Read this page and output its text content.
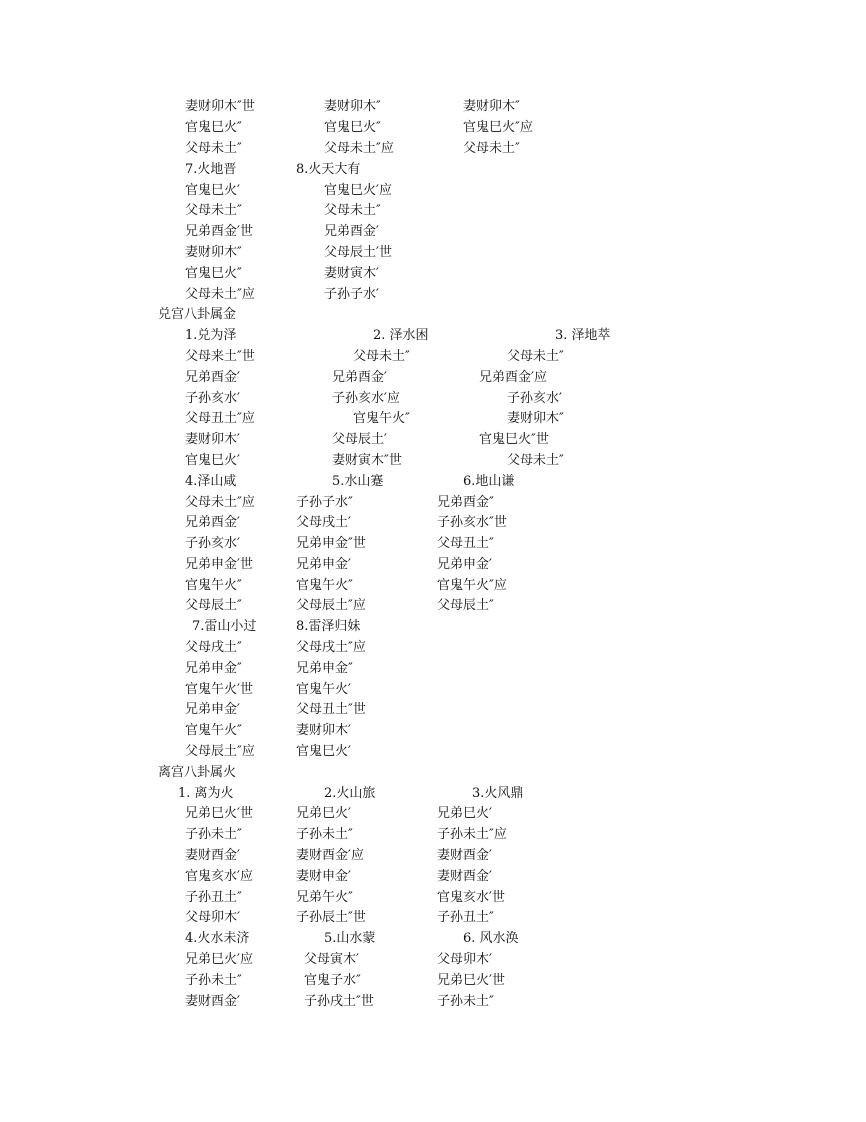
妻财卯木″世	妻财卯木″	妻财卯木″
官鬼巳火″	官鬼巳火″	官鬼巳火″应
父母未土″	父母未土″应	父母未土″
7.火地晋	8.火天大有
官鬼巳火′	官鬼巳火′应
父母未土″	父母未土″
兄弟酉金′世	兄弟酉金′
妻财卯木″	父母辰土′世
官鬼巳火″	妻财寅木′
父母未土″应	子孙子水′
兑宫八卦属金
1.兑为泽	2. 泽水困	3. 泽地萃
父母来土″世	父母未土″	父母未土″
兄弟酉金′	兄弟酉金′	兄弟酉金′应
子孙亥水′	子孙亥水′应	子孙亥水′
父母丑土″应	官鬼午火″	妻财卯木″
妻财卯木′	父母辰土′	官鬼巳火″世
官鬼巳火′	妻财寅木″世	父母未土″
4.泽山咸	5.水山蹇	6.地山谦
父母未土″应	子孙子水″	兄弟酉金″
兄弟酉金′	父母戌土′	子孙亥水″世
子孙亥水′	兄弟申金″世	父母丑土″
兄弟申金′世	兄弟申金′	兄弟申金′
官鬼午火″	官鬼午火″	官鬼午火″应
父母辰土″	父母辰土″应	父母辰土″
7.雷山小过	8.雷泽归妹
父母戌土″	父母戌土″应
兄弟申金″	兄弟申金″
官鬼午火′世	官鬼午火′
兄弟申金′	父母丑土″世
官鬼午火″	妻财卯木′
父母辰土″应	官鬼巳火′
离宫八卦属火
1. 离为火	2.火山旅	3.火风鼎
兄弟巳火′世	兄弟巳火′	兄弟巳火′
子孙未土″	子孙未土″	子孙未土″应
妻财酉金′	妻财酉金′应	妻财酉金′
官鬼亥水′应	妻财申金′	妻财酉金′
子孙丑土″	兄弟午火″	官鬼亥水′世
父母卯木′	子孙辰土″世	子孙丑土″
4.火水未济	5.山水蒙	6. 风水涣
兄弟巳火′应	父母寅木′	父母卯木′
子孙未土″	官鬼子水″	兄弟巳火′世
妻财酉金′	子孙戌土″世	子孙未土″
